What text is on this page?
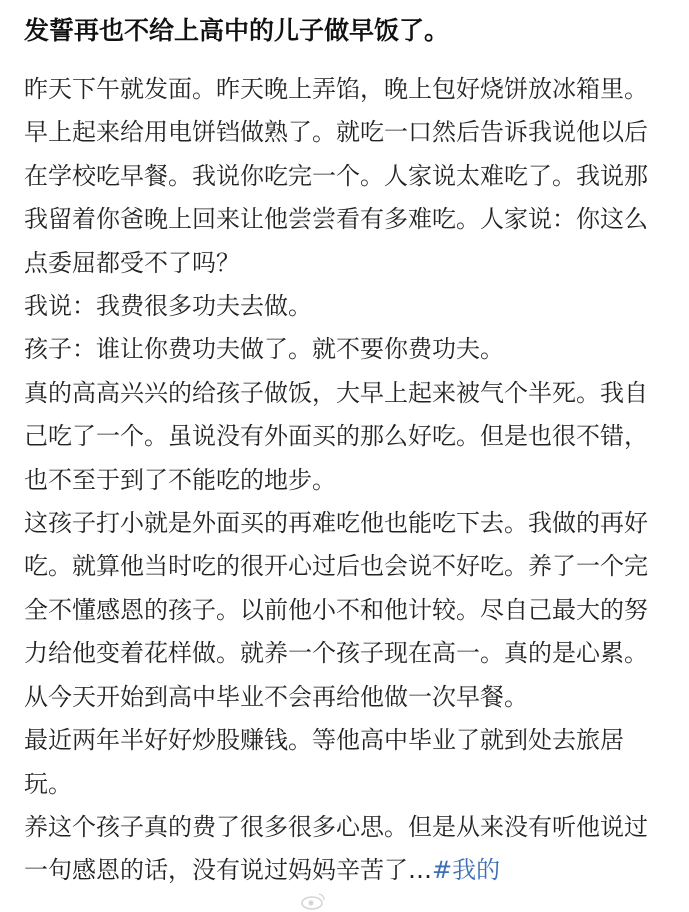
发誓再也不给上高中的儿子做早饭了。

昨天下午就发面。昨天晚上弄馅，晚上包好烧饼放冰箱里。早上起来给用电饼铛做熟了。就吃一口然后告诉我说他以后在学校吃早餐。我说你吃完一个。人家说太难吃了。我说那我留着你爸晚上回来让他尝尝看有多难吃。人家说：你这么点委屈都受不了吗？

我说：我费很多功夫去做。

孩子：谁让你费功夫做了。就不要你费功夫。

真的高高兴兴的给孩子做饭，大早上起来被气个半死。我自己吃了一个。虽说没有外面买的那么好吃。但是也很不错，也不至于到了不能吃的地步。

这孩子打小就是外面买的再难吃他也能吃下去。我做的再好吃。就算他当时吃的很开心过后也会说不好吃。养了一个完全不懂感恩的孩子。以前他小不和他计较。尽自己最大的努力给他变着花样做。就养一个孩子现在高一。真的是心累。

从今天开始到高中毕业不会再给他做一次早餐。

最近两年半好好炒股赚钱。等他高中毕业了就到处去旅居玩。

养这个孩子真的费了很多很多心思。但是从来没有听他说过一句感恩的话，没有说过妈妈辛苦了…#我的
